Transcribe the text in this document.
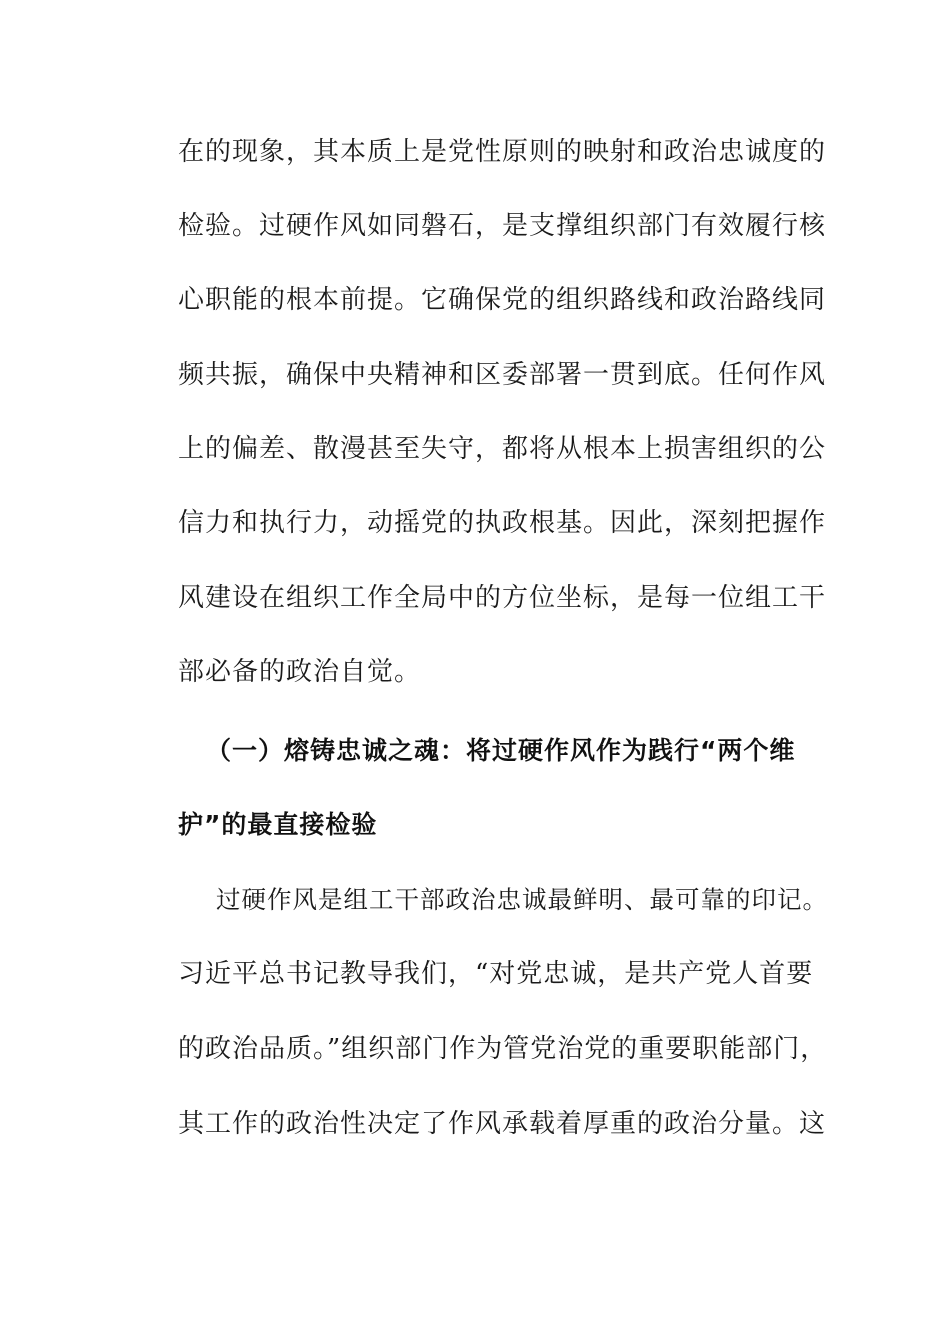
在的现象，其本质上是党性原则的映射和政治忠诚度的
检验。过硬作风如同磐石，是支撑组织部门有效履行核
心职能的根本前提。它确保党的组织路线和政治路线同
频共振，确保中央精神和区委部署一贯到底。任何作风
上的偏差、散漫甚至失守，都将从根本上损害组织的公
信力和执行力，动摇党的执政根基。因此，深刻把握作
风建设在组织工作全局中的方位坐标，是每一位组工干
部必备的政治自觉。
（一）熔铸忠诚之魂：将过硬作风作为践行“两个维
护”的最直接检验
过硬作风是组工干部政治忠诚最鲜明、最可靠的印记。
习近平总书记教导我们，“对党忠诚，是共产党人首要
的政治品质。”组织部门作为管党治党的重要职能部门，
其工作的政治性决定了作风承载着厚重的政治分量。这
